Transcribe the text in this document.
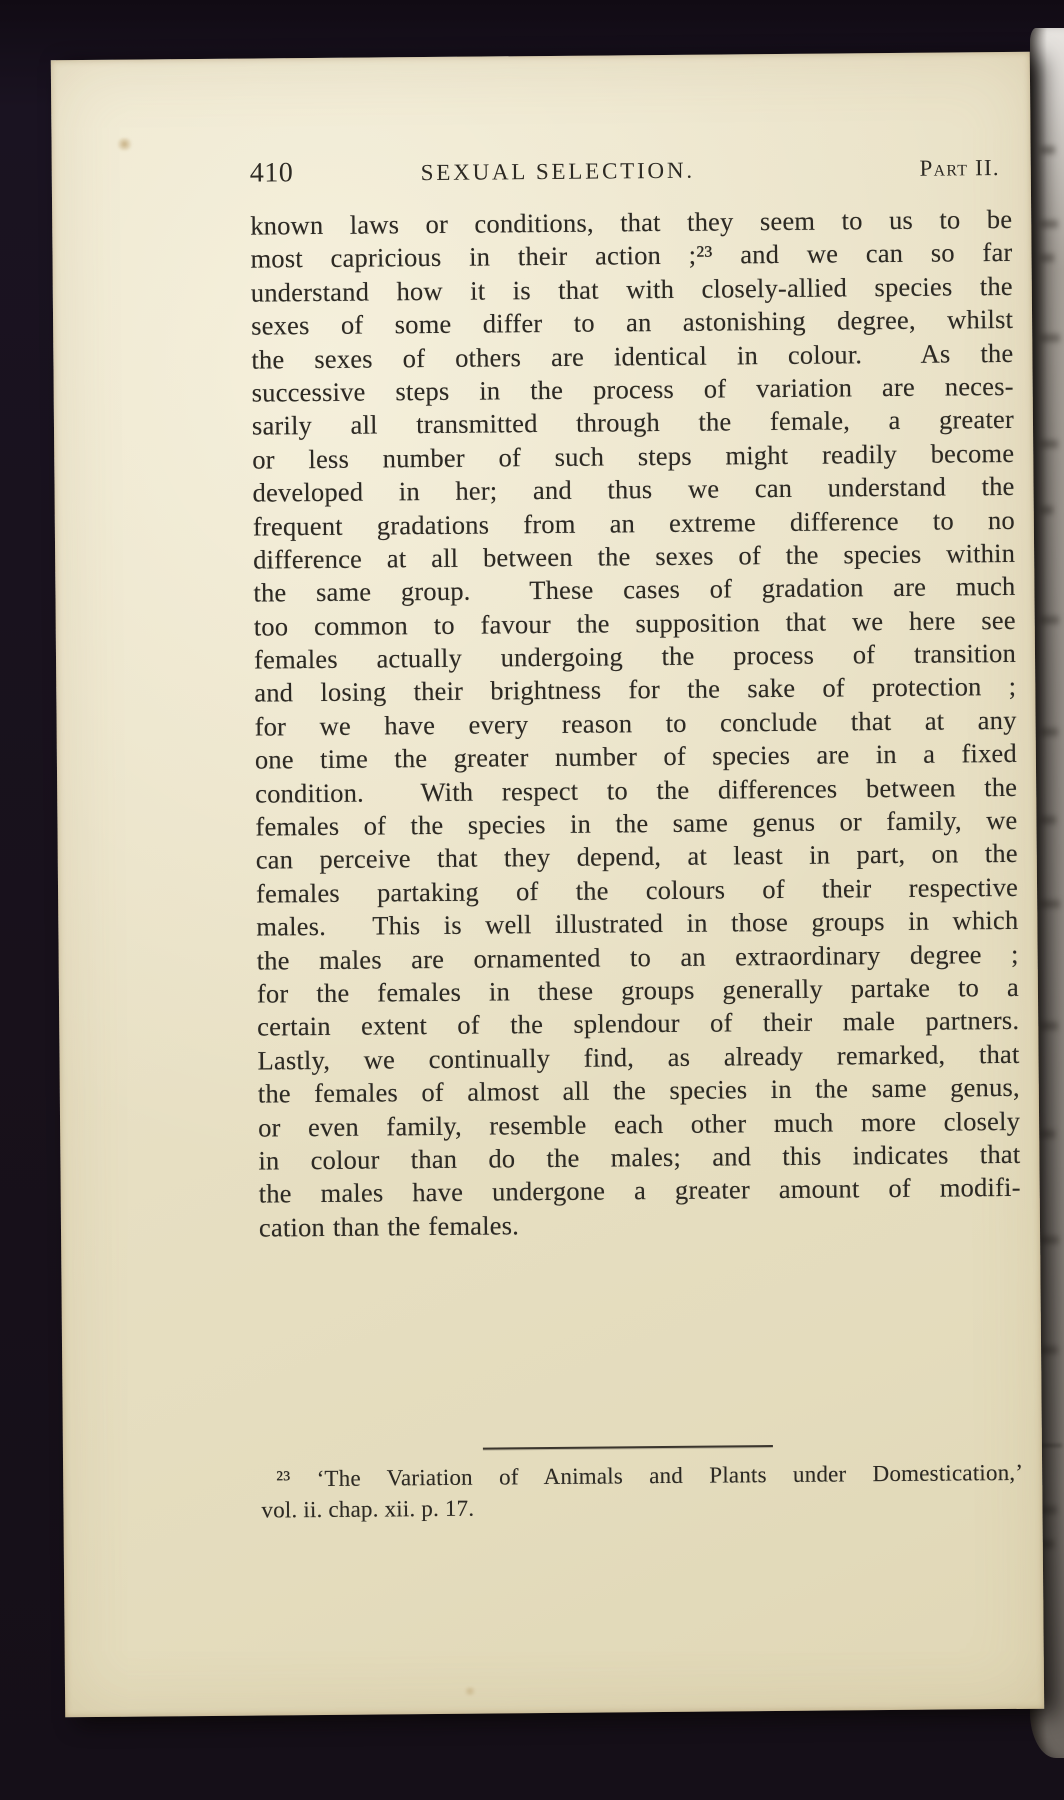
410	SEXUAL SELECTION.	Part II.
known laws or conditions, that they seem to us to be
most capricious in their action ;²³ and we can so far
understand how it is that with closely-allied species the
sexes of some differ to an astonishing degree, whilst
the sexes of others are identical in colour.  As the
successive steps in the process of variation are neces-
sarily all transmitted through the female, a greater
or less number of such steps might readily become
developed in her; and thus we can understand the
frequent gradations from an extreme difference to no
difference at all between the sexes of the species within
the same group.  These cases of gradation are much
too common to favour the supposition that we here see
females actually undergoing the process of transition
and losing their brightness for the sake of protection ;
for we have every reason to conclude that at any
one time the greater number of species are in a fixed
condition.  With respect to the differences between the
females of the species in the same genus or family, we
can perceive that they depend, at least in part, on the
females partaking of the colours of their respective
males.  This is well illustrated in those groups in which
the males are ornamented to an extraordinary degree ;
for the females in these groups generally partake to a
certain extent of the splendour of their male partners.
Lastly, we continually find, as already remarked, that
the females of almost all the species in the same genus,
or even family, resemble each other much more closely
in colour than do the males; and this indicates that
the males have undergone a greater amount of modifi-
cation than the females.
²³ ‘The Variation of Animals and Plants under Domestication,’
vol. ii. chap. xii. p. 17.
